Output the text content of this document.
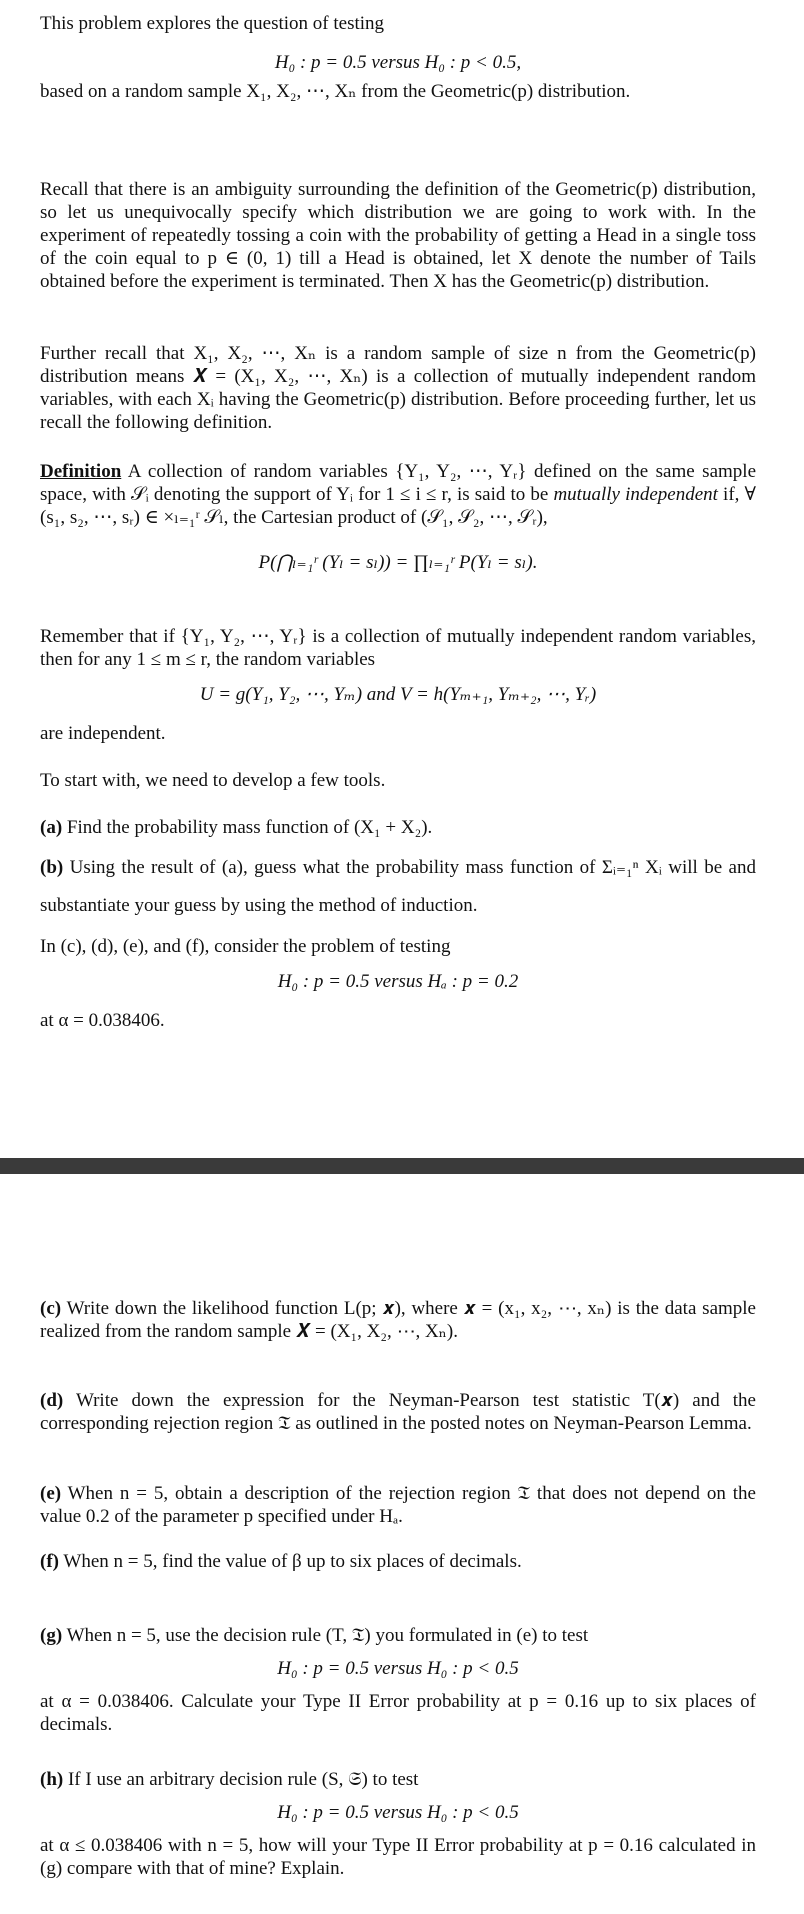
This problem explores the question of testing

H₀ : p = 0.5 versus H₀ : p < 0.5,

based on a random sample X₁, X₂, ⋯, Xₙ from the Geometric(p) distribution.

Recall that there is an ambiguity surrounding the definition of the Geometric(p) distribution, so let us unequivocally specify which distribution we are going to work with. In the experiment of repeatedly tossing a coin with the probability of getting a Head in a single toss of the coin equal to p ∈ (0, 1) till a Head is obtained, let X denote the number of Tails obtained before the experiment is terminated. Then X has the Geometric(p) distribution.

Further recall that X₁, X₂, ⋯, Xₙ is a random sample of size n from the Geometric(p) distribution means 𝑿 = (X₁, X₂, ⋯, Xₙ) is a collection of mutually independent random variables, with each Xᵢ having the Geometric(p) distribution. Before proceeding further, let us recall the following definition.

Definition A collection of random variables {Y₁, Y₂, ⋯, Yᵣ} defined on the same sample space, with 𝒮ᵢ denoting the support of Yᵢ for 1 ≤ i ≤ r, is said to be mutually independent if, ∀ (s₁, s₂, ⋯, sᵣ) ∈ ×ₗ₌₁ʳ 𝒮ₗ, the Cartesian product of (𝒮₁, 𝒮₂, ⋯, 𝒮ᵣ),

P(⋂ₗ₌₁ʳ (Yₗ = sₗ)) = ∏ₗ₌₁ʳ P(Yₗ = sₗ).

Remember that if {Y₁, Y₂, ⋯, Yᵣ} is a collection of mutually independent random variables, then for any 1 ≤ m ≤ r, the random variables

U = g(Y₁, Y₂, ⋯, Yₘ) and V = h(Yₘ₊₁, Yₘ₊₂, ⋯, Yᵣ)

are independent.

To start with, we need to develop a few tools.

(a) Find the probability mass function of (X₁ + X₂).

(b) Using the result of (a), guess what the probability mass function of Σᵢ₌₁ⁿ Xᵢ will be and substantiate your guess by using the method of induction.

In (c), (d), (e), and (f), consider the problem of testing

H₀ : p = 0.5 versus Hₐ : p = 0.2

at α = 0.038406.

(c) Write down the likelihood function L(p; 𝒙), where 𝒙 = (x₁, x₂, ⋯, xₙ) is the data sample realized from the random sample 𝑿 = (X₁, X₂, ⋯, Xₙ).

(d) Write down the expression for the Neyman-Pearson test statistic T(𝒙) and the corresponding rejection region 𝔗 as outlined in the posted notes on Neyman-Pearson Lemma.

(e) When n = 5, obtain a description of the rejection region 𝔗 that does not depend on the value 0.2 of the parameter p specified under Hₐ.

(f) When n = 5, find the value of β up to six places of decimals.

(g) When n = 5, use the decision rule (T, 𝔗) you formulated in (e) to test

H₀ : p = 0.5 versus H₀ : p < 0.5

at α = 0.038406. Calculate your Type II Error probability at p = 0.16 up to six places of decimals.

(h) If I use an arbitrary decision rule (S, 𝔖) to test

H₀ : p = 0.5 versus H₀ : p < 0.5

at α ≤ 0.038406 with n = 5, how will your Type II Error probability at p = 0.16 calculated in (g) compare with that of mine? Explain.
